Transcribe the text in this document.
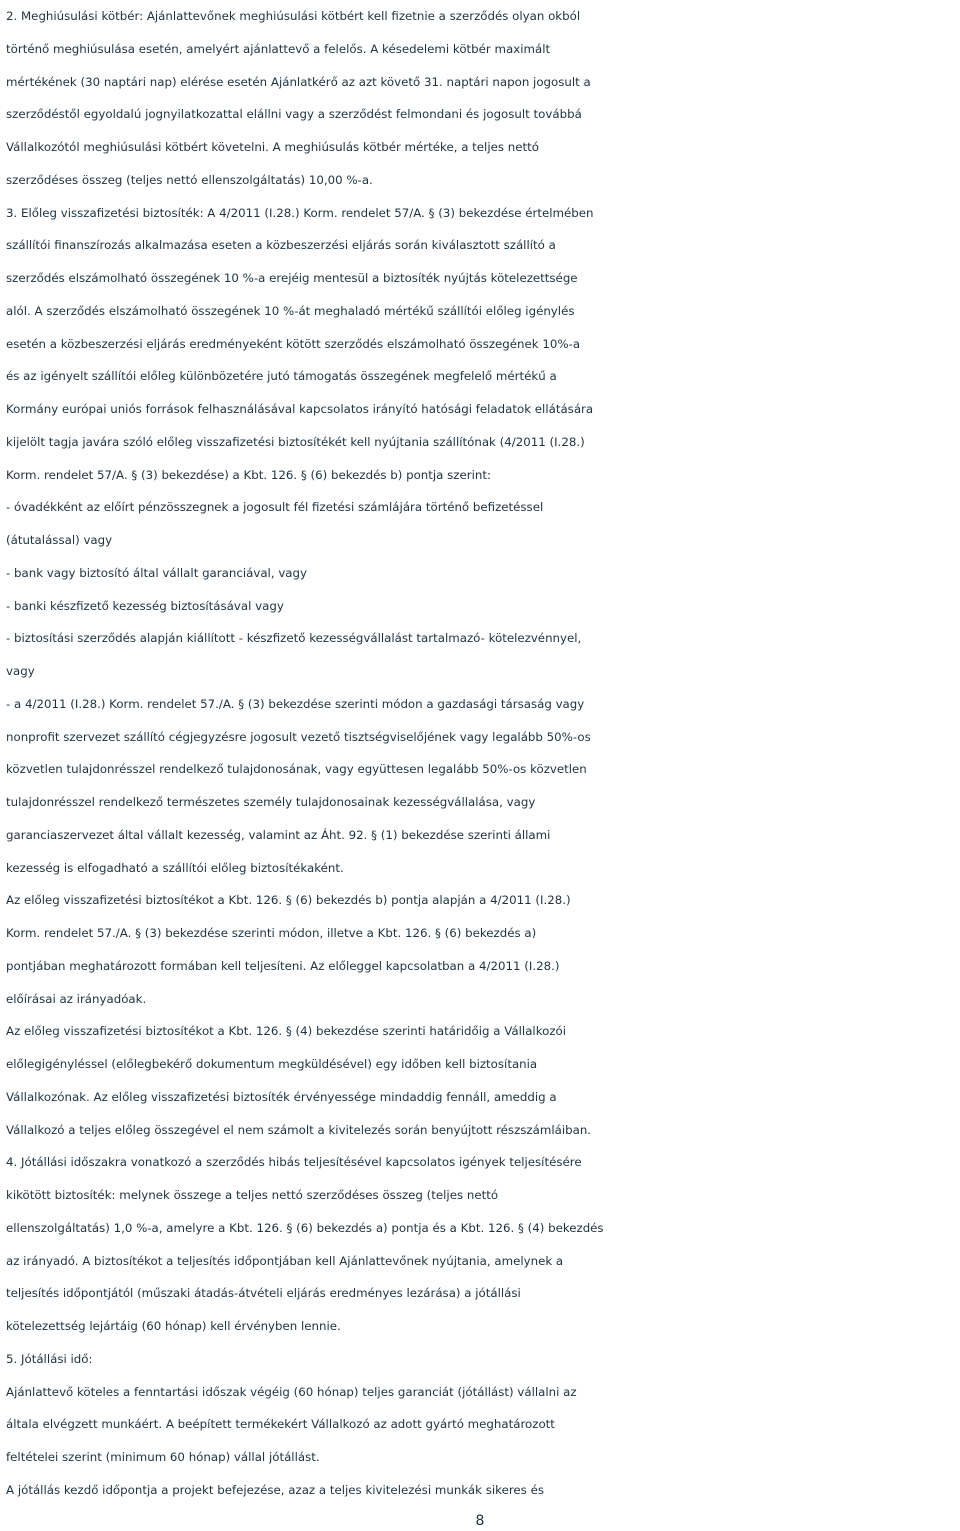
2. Meghiúsulási kötbér: Ajánlattevőnek meghiúsulási kötbért kell fizetnie a szerződés olyan okból
történő meghiúsulása esetén, amelyért ajánlattevő a felelős. A késedelemi kötbér maximált
mértékének (30 naptári nap) elérése esetén Ajánlatkérő az azt követő 31. naptári napon jogosult a
szerződéstől egyoldalú jognyilatkozattal elállni vagy a szerződést felmondani és jogosult továbbá
Vállalkozótól meghiúsulási kötbért követelni. A meghiúsulás kötbér mértéke, a teljes nettó
szerződéses összeg (teljes nettó ellenszolgáltatás) 10,00 %-a.
3. Előleg visszafizetési biztosíték: A 4/2011 (I.28.) Korm. rendelet 57/A. § (3) bekezdése értelmében
szállítói finanszírozás alkalmazása eseten a közbeszerzési eljárás során kiválasztott szállító a
szerződés elszámolható összegének 10 %-a erejéig mentesül a biztosíték nyújtás kötelezettsége
alól. A szerződés elszámolható összegének 10 %-át meghaladó mértékű szállítói előleg igénylés
esetén a közbeszerzési eljárás eredményeként kötött szerződés elszámolható összegének 10%-a
és az igényelt szállítói előleg különbözetére jutó támogatás összegének megfelelő mértékű a
Kormány európai uniós források felhasználásával kapcsolatos irányító hatósági feladatok ellátására
kijelölt tagja javára szóló előleg visszafizetési biztosítékét kell nyújtania szállítónak (4/2011 (I.28.)
Korm. rendelet 57/A. § (3) bekezdése) a Kbt. 126. § (6) bekezdés b) pontja szerint:
- óvadékként az előírt pénzösszegnek a jogosult fél fizetési számlájára történő befizetéssel
(átutalással) vagy
- bank vagy biztosító által vállalt garanciával, vagy
- banki készfizető kezesség biztosításával vagy
- biztosítási szerződés alapján kiállított - készfizető kezességvállalást tartalmazó- kötelezvénnyel,
vagy
- a 4/2011 (I.28.) Korm. rendelet 57./A. § (3) bekezdése szerinti módon a gazdasági társaság vagy
nonprofit szervezet szállító cégjegyzésre jogosult vezető tisztségviselőjének vagy legalább 50%-os
közvetlen tulajdonrésszel rendelkező tulajdonosának, vagy együttesen legalább 50%-os közvetlen
tulajdonrésszel rendelkező természetes személy tulajdonosainak kezességvállalása, vagy
garanciaszervezet által vállalt kezesség, valamint az Áht. 92. § (1) bekezdése szerinti állami
kezesség is elfogadható a szállítói előleg biztosítékaként.
Az előleg visszafizetési biztosítékot a Kbt. 126. § (6) bekezdés b) pontja alapján a 4/2011 (I.28.)
Korm. rendelet 57./A. § (3) bekezdése szerinti módon, illetve a Kbt. 126. § (6) bekezdés a)
pontjában meghatározott formában kell teljesíteni. Az előleggel kapcsolatban a 4/2011 (I.28.)
előírásai az irányadóak.
Az előleg visszafizetési biztosítékot a Kbt. 126. § (4) bekezdése szerinti határidőig a Vállalkozói
előlegigényléssel (előlegbekérő dokumentum megküldésével) egy időben kell biztosítania
Vállalkozónak. Az előleg visszafizetési biztosíték érvényessége mindaddig fennáll, ameddig a
Vállalkozó a teljes előleg összegével el nem számolt a kivitelezés során benyújtott részszámláiban.
4. Jótállási időszakra vonatkozó a szerződés hibás teljesítésével kapcsolatos igények teljesítésére
kikötött biztosíték: melynek összege a teljes nettó szerződéses összeg (teljes nettó
ellenszolgáltatás) 1,0 %-a, amelyre a Kbt. 126. § (6) bekezdés a) pontja és a Kbt. 126. § (4) bekezdés
az irányadó. A biztosítékot a teljesítés időpontjában kell Ajánlattevőnek nyújtania, amelynek a
teljesítés időpontjától (műszaki átadás-átvételi eljárás eredményes lezárása) a jótállási
kötelezettség lejártáig (60 hónap) kell érvényben lennie.
5. Jótállási idő:
Ajánlattevő köteles a fenntartási időszak végéig (60 hónap) teljes garanciát (jótállást) vállalni az
általa elvégzett munkáért. A beépített termékekért Vállalkozó az adott gyártó meghatározott
feltételei szerint (minimum 60 hónap) vállal jótállást.
A jótállás kezdő időpontja a projekt befejezése, azaz a teljes kivitelezési munkák sikeres és
8
